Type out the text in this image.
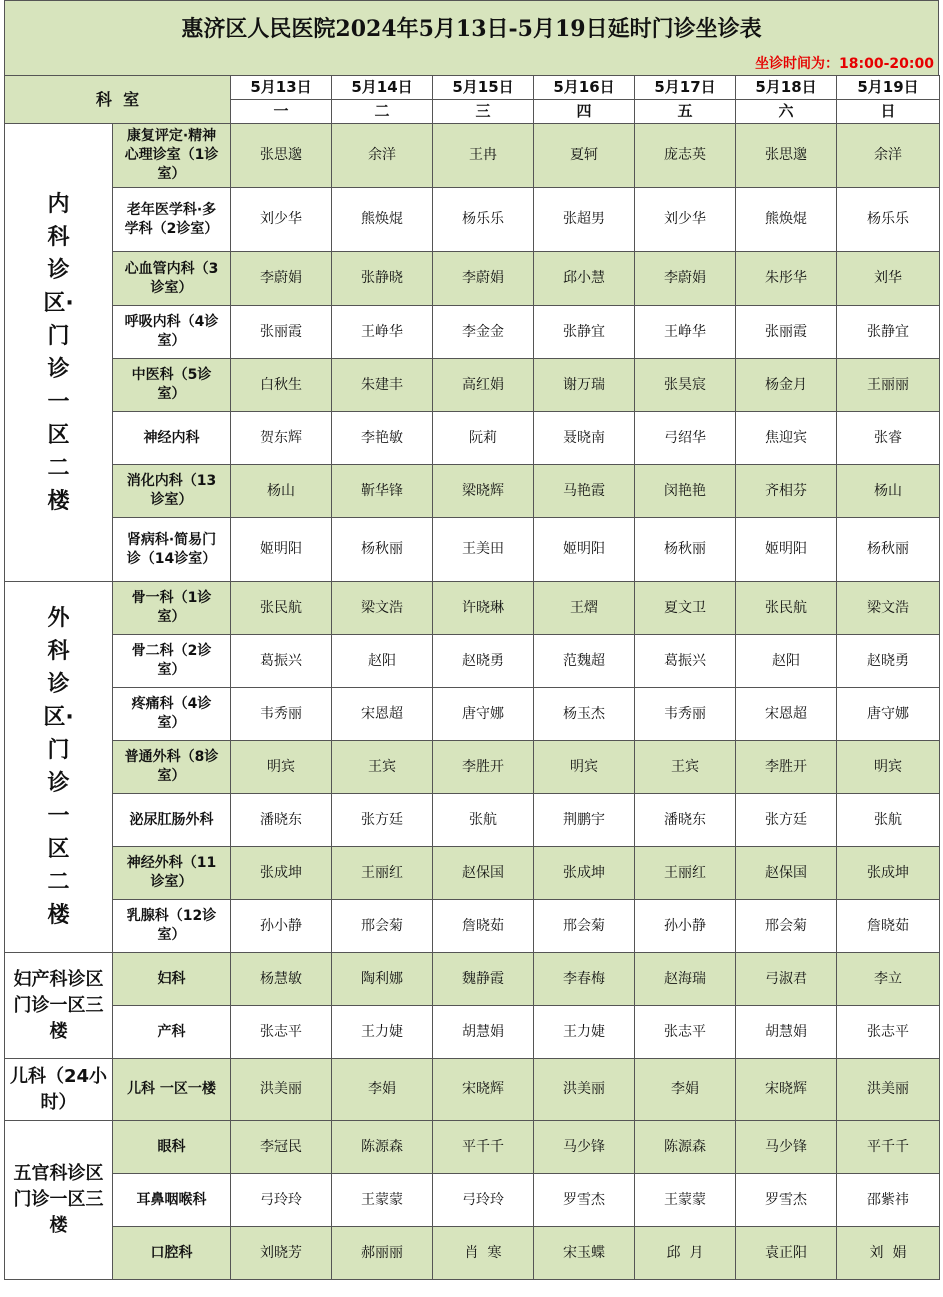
惠济区人民医院2024年5月13日-5月19日延时门诊坐诊表
坐诊时间为：18:00-20:00
科  室		5月13日	5月14日	5月15日	5月16日	5月17日	5月18日	5月19日
		一	二	三	四	五	六	日
内科诊区·门诊一区二楼	康复评定·精神心理诊室（1诊室）	张思邈	余洋	王冉	夏轲	庞志英	张思邈	余洋
	老年医学科·多学科（2诊室）	刘少华	熊焕焜	杨乐乐	张超男	刘少华	熊焕焜	杨乐乐
	心血管内科（3诊室）	李蔚娟	张静晓	李蔚娟	邱小慧	李蔚娟	朱彤华	刘华
	呼吸内科（4诊室）	张丽霞	王峥华	李金金	张静宜	王峥华	张丽霞	张静宜
	中医科（5诊室）	白秋生	朱建丰	高红娟	谢万瑞	张昊宸	杨金月	王丽丽
	神经内科	贺东辉	李艳敏	阮莉	聂晓南	弓绍华	焦迎宾	张睿
	消化内科（13诊室）	杨山	靳华锋	梁晓辉	马艳霞	闵艳艳	齐相芬	杨山
	肾病科·简易门诊（14诊室）	姬明阳	杨秋丽	王美田	姬明阳	杨秋丽	姬明阳	杨秋丽
外科诊区·门诊一区二楼	骨一科（1诊室）	张民航	梁文浩	许晓琳	王熠	夏文卫	张民航	梁文浩
	骨二科（2诊室）	葛振兴	赵阳	赵晓勇	范魏超	葛振兴	赵阳	赵晓勇
	疼痛科（4诊室）	韦秀丽	宋恩超	唐守娜	杨玉杰	韦秀丽	宋恩超	唐守娜
	普通外科（8诊室）	明宾	王宾	李胜开	明宾	王宾	李胜开	明宾
	泌尿肛肠外科	潘晓东	张方廷	张航	荆鹏宇	潘晓东	张方廷	张航
	神经外科（11诊室）	张成坤	王丽红	赵保国	张成坤	王丽红	赵保国	张成坤
	乳腺科（12诊室）	孙小静	邢会菊	詹晓茹	邢会菊	孙小静	邢会菊	詹晓茹
妇产科诊区门诊一区三楼	妇科	杨慧敏	陶利娜	魏静霞	李春梅	赵海瑞	弓淑君	李立
	产科	张志平	王力婕	胡慧娟	王力婕	张志平	胡慧娟	张志平
儿科（24小时）	儿科 一区一楼	洪美丽	李娟	宋晓辉	洪美丽	李娟	宋晓辉	洪美丽
五官科诊区门诊一区三楼	眼科	李冠民	陈源森	平千千	马少锋	陈源森	马少锋	平千千
	耳鼻咽喉科	弓玲玲	王蒙蒙	弓玲玲	罗雪杰	王蒙蒙	罗雪杰	邵紫祎
	口腔科	刘晓芳	郝丽丽	肖  寒	宋玉蝶	邱  月	袁正阳	刘  娟
